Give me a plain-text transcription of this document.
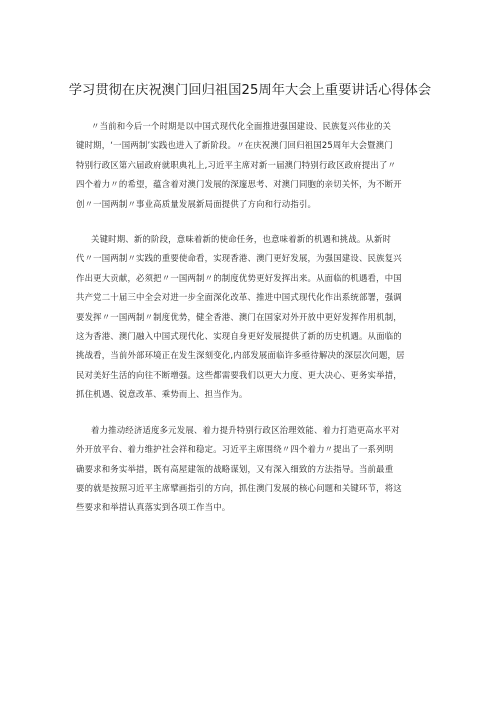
学习贯彻在庆祝澳门回归祖国25周年大会上重要讲话心得体会

〃当前和今后一个时期是以中国式现代化全面推进强国建设、民族复兴伟业的关
键时期，‘一国两制’实践也进入了新阶段。〃在庆祝澳门回归祖国25周年大会暨澳门
特别行政区第六届政府就职典礼上,习近平主席对新一届澳门特别行政区政府提出了〃
四个着力〃的希望，蕴含着对澳门发展的深邃思考、对澳门同胞的亲切关怀，为不断开
创〃一国两制〃事业高质量发展新局面提供了方向和行动指引。

关键时期、新的阶段，意味着新的使命任务，也意味着新的机遇和挑战。从新时
代〃一国两制〃实践的重要使命看，实现香港、澳门更好发展，为强国建设、民族复兴
作出更大贡献，必须把〃一国两制〃的制度优势更好发挥出来。从面临的机遇看，中国
共产党二十届三中全会对进一步全面深化改革、推进中国式现代化作出系统部署，强调
要发挥〃一国两制〃制度优势，健全香港、澳门在国家对外开放中更好发挥作用机制，
这为香港、澳门融入中国式现代化、实现自身更好发展提供了新的历史机遇。从面临的
挑战看，当前外部环境正在发生深刻变化,内部发展面临许多亟待解决的深层次问题，居
民对美好生活的向往不断增强。这些都需要我们以更大力度、更大决心、更务实举措，
抓住机遇、锐意改革、乘势而上、担当作为。

着力推动经济适度多元发展、着力提升特别行政区治理效能、着力打造更高水平对
外开放平台、着力维护社会祥和稳定。习近平主席围绕〃四个着力〃提出了一系列明
确要求和务实举措，既有高屋建瓴的战略谋划，又有深入细致的方法指导。当前最重
要的就是按照习近平主席擘画指引的方向，抓住澳门发展的核心问题和关键环节，将这
些要求和举措认真落实到各项工作当中。
